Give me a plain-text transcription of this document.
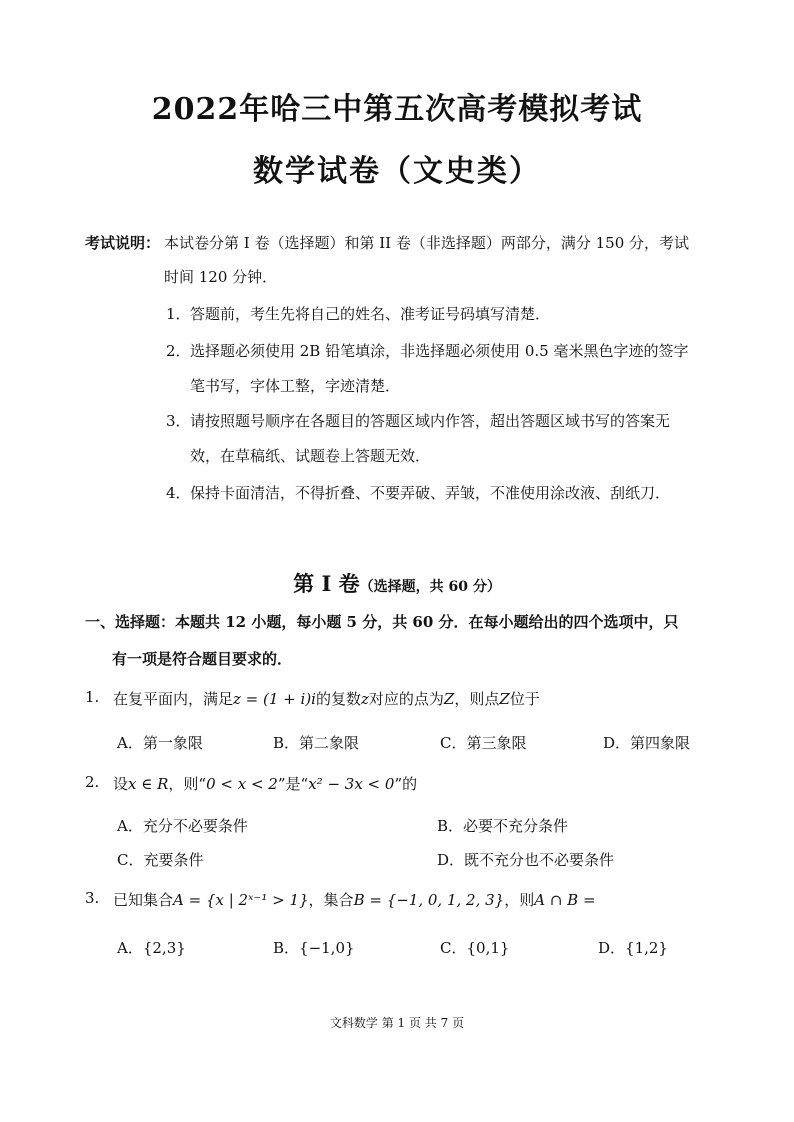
2022年哈三中第五次高考模拟考试
数学试卷（文史类）
考试说明： 本试卷分第 I 卷（选择题）和第 II 卷（非选择题）两部分，满分 150 分，考试
时间 120 分钟．
1． 答题前，考生先将自己的姓名、准考证号码填写清楚．
2． 选择题必须使用 2B 铅笔填涂，非选择题必须使用 0.5 毫米黑色字迹的签字
笔书写，字体工整，字迹清楚．
3． 请按照题号顺序在各题目的答题区域内作答，超出答题区域书写的答案无
效，在草稿纸、试题卷上答题无效．
4． 保持卡面清洁，不得折叠、不要弄破、弄皱，不准使用涂改液、刮纸刀．
第 I 卷（选择题，共 60 分）
一、选择题：本题共 12 小题，每小题 5 分，共 60 分．在每小题给出的四个选项中，只
有一项是符合题目要求的．
1. 在复平面内，满足z = (1 + i)i的复数z对应的点为Z，则点Z位于
A．第一象限	B．第二象限	C．第三象限	D．第四象限
2. 设x ∈ R，则“0 < x < 2”是“x² − 3x < 0”的
A．充分不必要条件	B．必要不充分条件
C．充要条件	D．既不充分也不必要条件
3. 已知集合A = {x | 2ˣ⁻¹ > 1}，集合B = {−1, 0, 1, 2, 3}，则A ∩ B =
A．{2,3}	B．{−1,0}	C．{0,1}	D．{1,2}
文科数学 第 1 页 共 7 页
